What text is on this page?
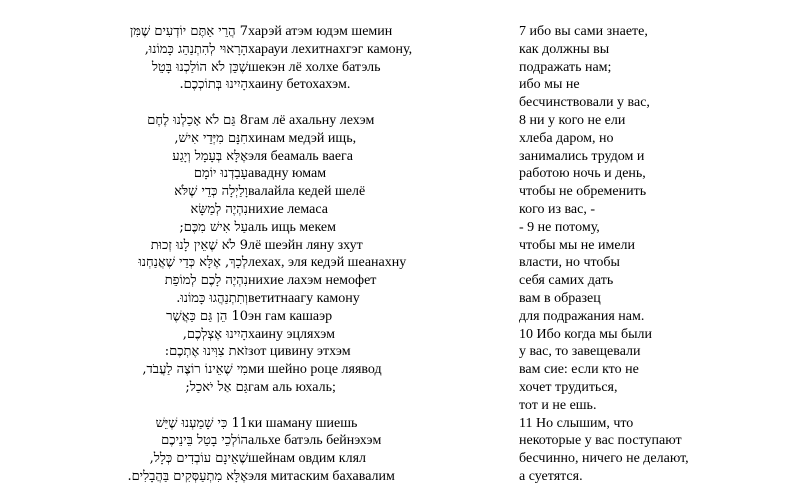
7 הֲרֵי אַתֶּם יוֹדְעִים שֶׁמִּן
הָרָאוּי לְהִתְנַהֵג כָּמוֹנוּ,
שֶׁכֵּן לֹא הוֹלַכְנוּ בָּטֵל
הָיִינוּ בְּתוֹכְכֶם.
8 גַּם לֹא אָכַלְנוּ לֶחֶם
חִנָּם מִיְּדֵי אִישׁ,
אֶלָּא בְּעָמָל וְיָגַע
עָבַדְנוּ יוֹמָם
וָלַיְלָה כְּדֵי שֶׁלֹּא
נִהְיֶה לְמַשָּׂא
עַל אִישׁ מִכֶּם;
9 לֹא שֶׁאֵין לָנוּ זְכוּת
לְכָךְ, אֶלָּא כְּדֵי שֶׁאֲנַחְנוּ
נִהְיֶה לָכֶם לְמוֹפֵת
וְתִתְנַהֲגוּ כָּמוֹנוּ.
10 הֵן גַּם כַּאֲשֶׁר
הָיִינוּ אֶצְלְכֶם,
זֹאת צִוִּינוּ אֶתְכֶם:
מִי שֶׁאֵינוֹ רוֹצֶה לַעֲבֹד,
גַּם אַל יֹאכַל;
11 כִּי שָׁמַעְנוּ שֶׁיֵּשׁ
הוֹלְכֵי בָטֵל בֵּינֵיכֶם
שֶׁאֵינָם עוֹבְדִים כְּלָל,
אֶלָּא מִתְעַסְּקִים בַּהֲבָלִים.
харэй атэм юдэм шемин
харауи лехитнахгэг камону,
шекэн лё холхе батэль
хаину бетохахэм.
гам лё ахальну лехэм
хинам медэй ищь,
эля беамаль ваега
авадну юмам
валайла кедей шелё
нихие лемаса
аль ищь мекем
лё шеэйн ляну зхут
лехах, эля кедэй шеанахну
нихие лахэм немофет
ветитнаагу камону
эн гам кашаэр
хаину эцляхэм
зот цивину этхэм
ми шейно роце ляявод
гам аль юхаль;
ки шаману шиешь
альхе батэль бейнэхэм
шейнам овдим клял
эля митаским бахавалим
7 ибо вы сами знаете,
как должны вы
подражать нам;
ибо мы не
бесчинствовали у вас,
8 ни у кого не ели
хлеба даром, но
занимались трудом и
работою ночь и день,
чтобы не обременить
кого из вас, -
- 9 не потому,
чтобы мы не имели
власти, но чтобы
себя самих дать
вам в образец
для подражания нам.
10 Ибо когда мы были
у вас, то завещевали
вам сие: если кто не
хочет трудиться,
тот и не ешь.
11 Но слышим, что
некоторые у вас поступают
бесчинно, ничего не делают,
а суетятся.
